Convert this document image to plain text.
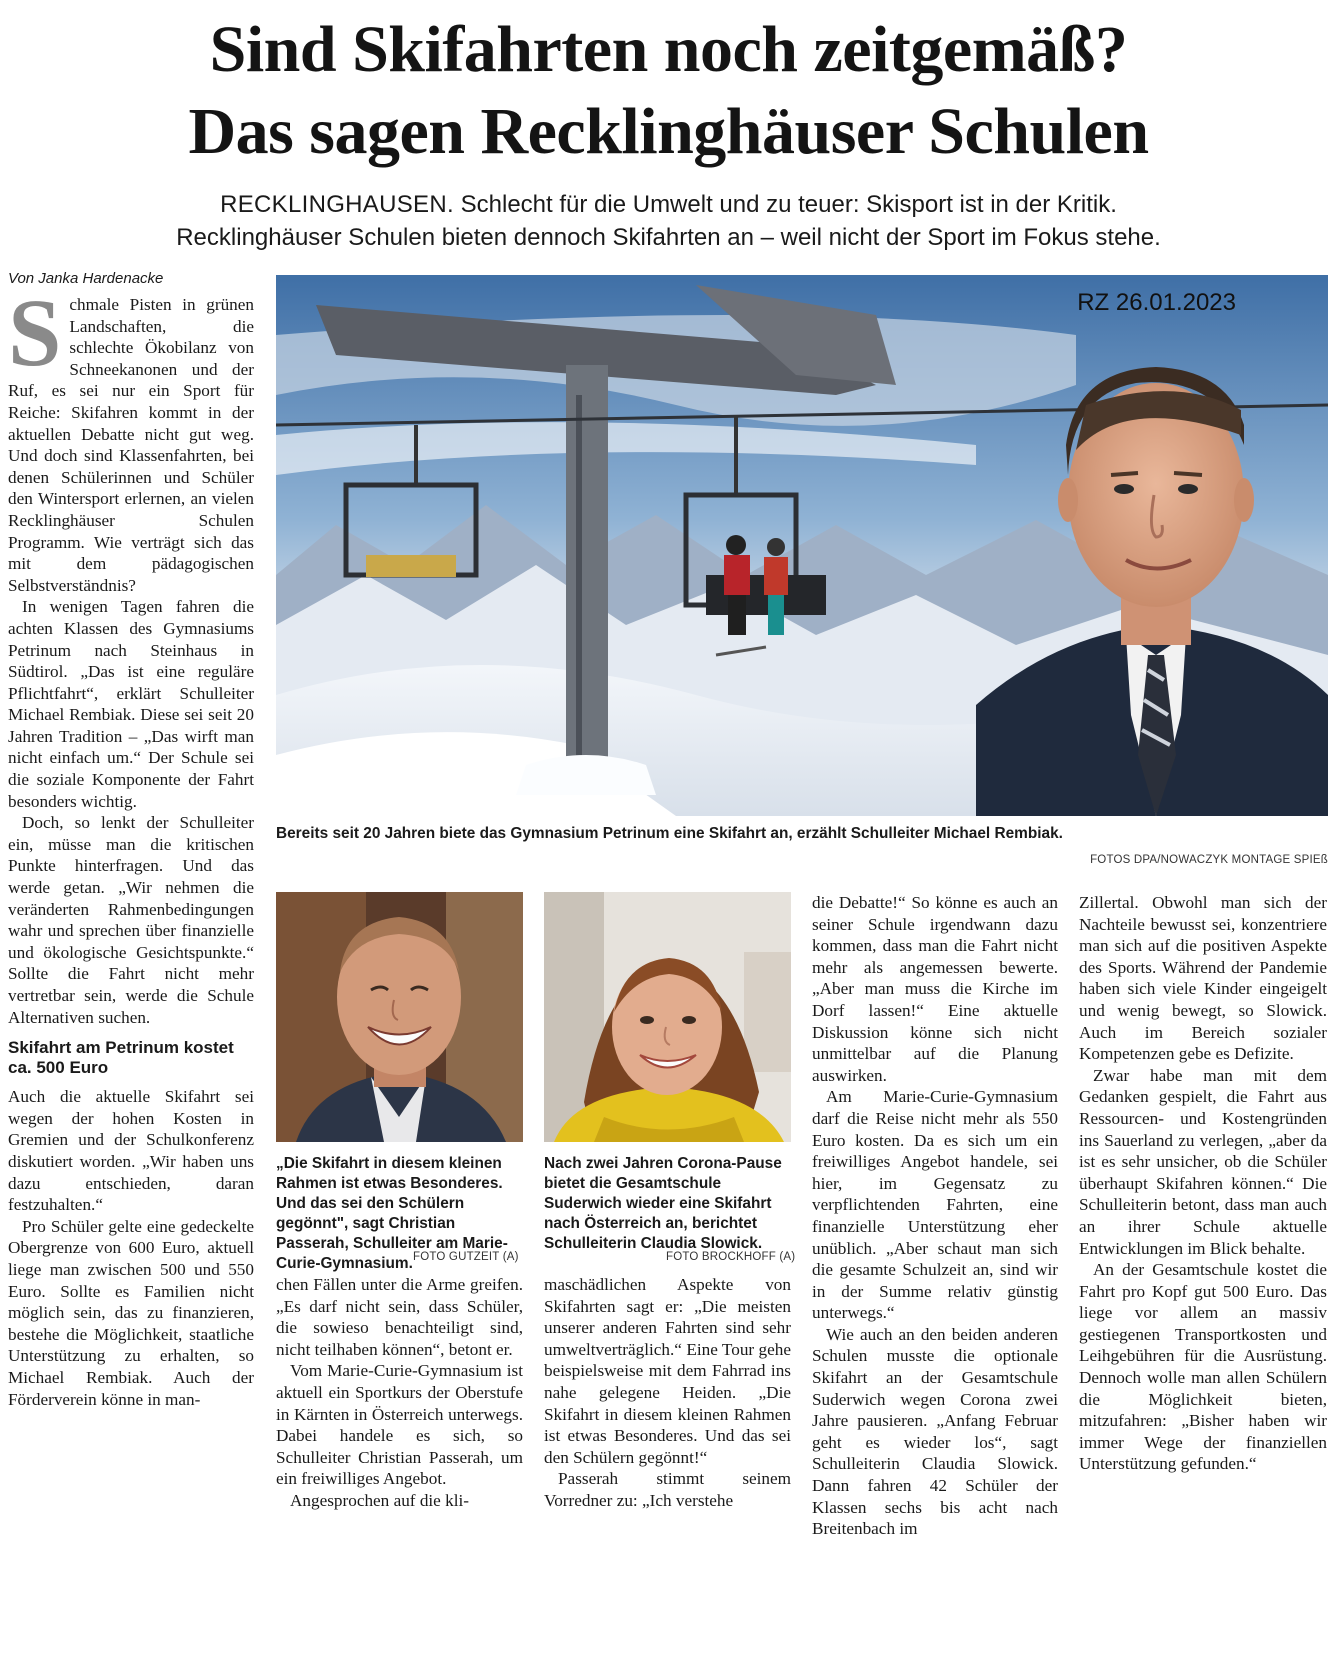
Sind Skifahrten noch zeitgemäß?
Das sagen Recklinghäuser Schulen
RECKLINGHAUSEN. Schlecht für die Umwelt und zu teuer: Skisport ist in der Kritik.
Recklinghäuser Schulen bieten dennoch Skifahrten an – weil nicht der Sport im Fokus stehe.
Von Janka Hardenacke

Schmale Pisten in grünen Landschaften, die schlechte Ökobilanz von Schneekanonen und der Ruf, es sei nur ein Sport für Reiche: Skifahren kommt in der aktuellen Debatte nicht gut weg. Und doch sind Klassenfahrten, bei denen Schülerinnen und Schüler den Wintersport erlernen, an vielen Recklinghäuser Schulen Programm. Wie verträgt sich das mit dem pädagogischen Selbstverständnis?

In wenigen Tagen fahren die achten Klassen des Gymnasiums Petrinum nach Steinhaus in Südtirol. „Das ist eine reguläre Pflichtfahrt“, erklärt Schulleiter Michael Rembiak. Diese sei seit 20 Jahren Tradition – „Das wirft man nicht einfach um.“ Der Schule sei die soziale Komponente der Fahrt besonders wichtig.

Doch, so lenkt der Schulleiter ein, müsse man die kritischen Punkte hinterfragen. Und das werde getan. „Wir nehmen die veränderten Rahmenbedingungen wahr und sprechen über finanzielle und ökologische Gesichtspunkte.“ Sollte die Fahrt nicht mehr vertretbar sein, werde die Schule Alternativen suchen.

Skifahrt am Petrinum kostet ca. 500 Euro

Auch die aktuelle Skifahrt sei wegen der hohen Kosten in Gremien und der Schulkonferenz diskutiert worden. „Wir haben uns dazu entschieden, daran festzuhalten.“

Pro Schüler gelte eine gedeckelte Obergrenze von 600 Euro, aktuell liege man zwischen 500 und 550 Euro. Sollte es Familien nicht möglich sein, das zu finanzieren, bestehe die Möglichkeit, staatliche Unterstützung zu erhalten, so Michael Rembiak. Auch der Förderverein könne in man-

RZ 26.01.2023
Bereits seit 20 Jahren biete das Gymnasium Petrinum eine Skifahrt an, erzählt Schulleiter Michael Rembiak.
FOTOS DPA/NOWACZYK MONTAGE SPIEß
„Die Skifahrt in diesem kleinen Rahmen ist etwas Besonderes. Und das sei den Schülern gegönnt", sagt Christian Passerah, Schulleiter am Marie-Curie-Gymnasium. FOTO GUTZEIT (A)
Nach zwei Jahren Corona-Pause bietet die Gesamtschule Suderwich wieder eine Skifahrt nach Österreich an, berichtet Schulleiterin Claudia Slowick.
FOTO BROCKHOFF (A)

chen Fällen unter die Arme greifen. „Es darf nicht sein, dass Schüler, die sowieso benachteiligt sind, nicht teilhaben können“, betont er.

Vom Marie-Curie-Gymnasium ist aktuell ein Sportkurs der Oberstufe in Kärnten in Österreich unterwegs. Dabei handele es sich, so Schulleiter Christian Passerah, um ein freiwilliges Angebot.

Angesprochen auf die kli-

maschädlichen Aspekte von Skifahrten sagt er: „Die meisten unserer anderen Fahrten sind sehr umweltverträglich.“ Eine Tour gehe beispielsweise mit dem Fahrrad ins nahe gelegene Heiden. „Die Skifahrt in diesem kleinen Rahmen ist etwas Besonderes. Und das sei den Schülern gegönnt!“

Passerah stimmt seinem Vorredner zu: „Ich verstehe

die Debatte!“ So könne es auch an seiner Schule irgendwann dazu kommen, dass man die Fahrt nicht mehr als angemessen bewerte. „Aber man muss die Kirche im Dorf lassen!“ Eine aktuelle Diskussion könne sich nicht unmittelbar auf die Planung auswirken.

Am Marie-Curie-Gymnasium darf die Reise nicht mehr als 550 Euro kosten. Da es sich um ein freiwilliges Angebot handele, sei hier, im Gegensatz zu verpflichtenden Fahrten, eine finanzielle Unterstützung eher unüblich. „Aber schaut man sich die gesamte Schulzeit an, sind wir in der Summe relativ günstig unterwegs.“

Wie auch an den beiden anderen Schulen musste die optionale Skifahrt an der Gesamtschule Suderwich wegen Corona zwei Jahre pausieren. „Anfang Februar geht es wieder los“, sagt Schulleiterin Claudia Slowick. Dann fahren 42 Schüler der Klassen sechs bis acht nach Breitenbach im

Zillertal. Obwohl man sich der Nachteile bewusst sei, konzentriere man sich auf die positiven Aspekte des Sports. Während der Pandemie haben sich viele Kinder eingeigelt und wenig bewegt, so Slowick. Auch im Bereich sozialer Kompetenzen gebe es Defizite.

Zwar habe man mit dem Gedanken gespielt, die Fahrt aus Ressourcen- und Kostengründen ins Sauerland zu verlegen, „aber da ist es sehr unsicher, ob die Schüler überhaupt Skifahren können.“ Die Schulleiterin betont, dass man auch an ihrer Schule aktuelle Entwicklungen im Blick behalte.

An der Gesamtschule kostet die Fahrt pro Kopf gut 500 Euro. Das liege vor allem an massiv gestiegenen Transportkosten und Leihgebühren für die Ausrüstung. Dennoch wolle man allen Schülern die Möglichkeit bieten, mitzufahren: „Bisher haben wir immer Wege der finanziellen Unterstützung gefunden.“
